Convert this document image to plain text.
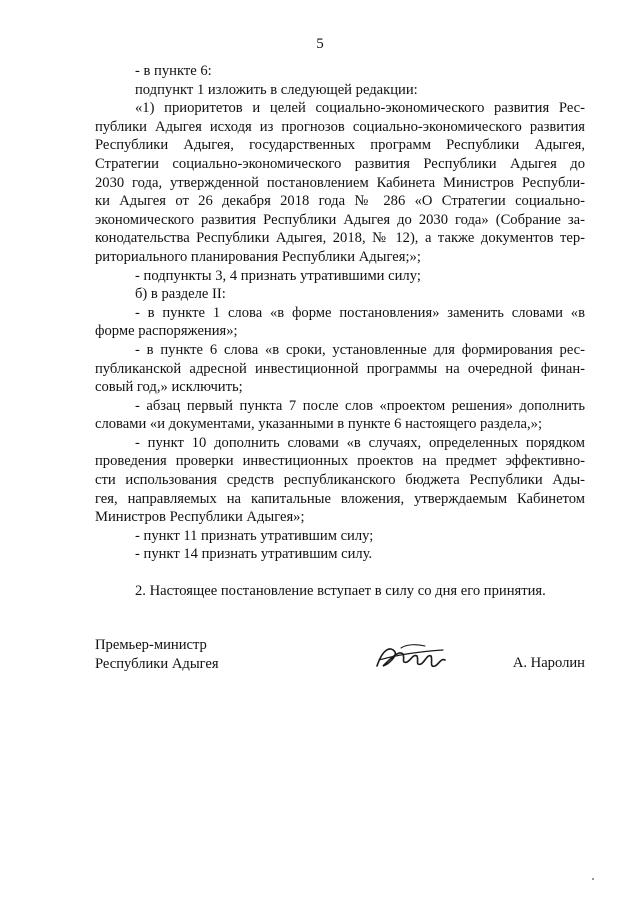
5
- в пункте 6:
подпункт 1 изложить в следующей редакции:
«1) приоритетов и целей социально-экономического развития Рес-
публики Адыгея исходя из прогнозов социально-экономического развития
Республики Адыгея, государственных программ Республики Адыгея,
Стратегии социально-экономического развития Республики Адыгея до
2030 года, утвержденной постановлением Кабинета Министров Республи-
ки Адыгея от 26 декабря 2018 года № 286 «О Стратегии социально-
экономического развития Республики Адыгея до 2030 года» (Собрание за-
конодательства Республики Адыгея, 2018, № 12), а также документов тер-
риториального планирования Республики Адыгея;»;
- подпункты 3, 4 признать утратившими силу;
б) в разделе II:
- в пункте 1 слова «в форме постановления» заменить словами «в
форме распоряжения»;
- в пункте 6 слова «в сроки, установленные для формирования рес-
публиканской адресной инвестиционной программы на очередной финан-
совый год,» исключить;
- абзац первый пункта 7 после слов «проектом решения» дополнить
словами «и документами, указанными в пункте 6 настоящего раздела,»;
- пункт 10 дополнить словами «в случаях, определенных порядком
проведения проверки инвестиционных проектов на предмет эффективно-
сти использования средств республиканского бюджета Республики Ады-
гея, направляемых на капитальные вложения, утверждаемым Кабинетом
Министров Республики Адыгея»;
- пункт 11 признать утратившим силу;
- пункт 14 признать утратившим силу.
2. Настоящее постановление вступает в силу со дня его принятия.
Премьер-министр
Республики Адыгея	А. Наролин
